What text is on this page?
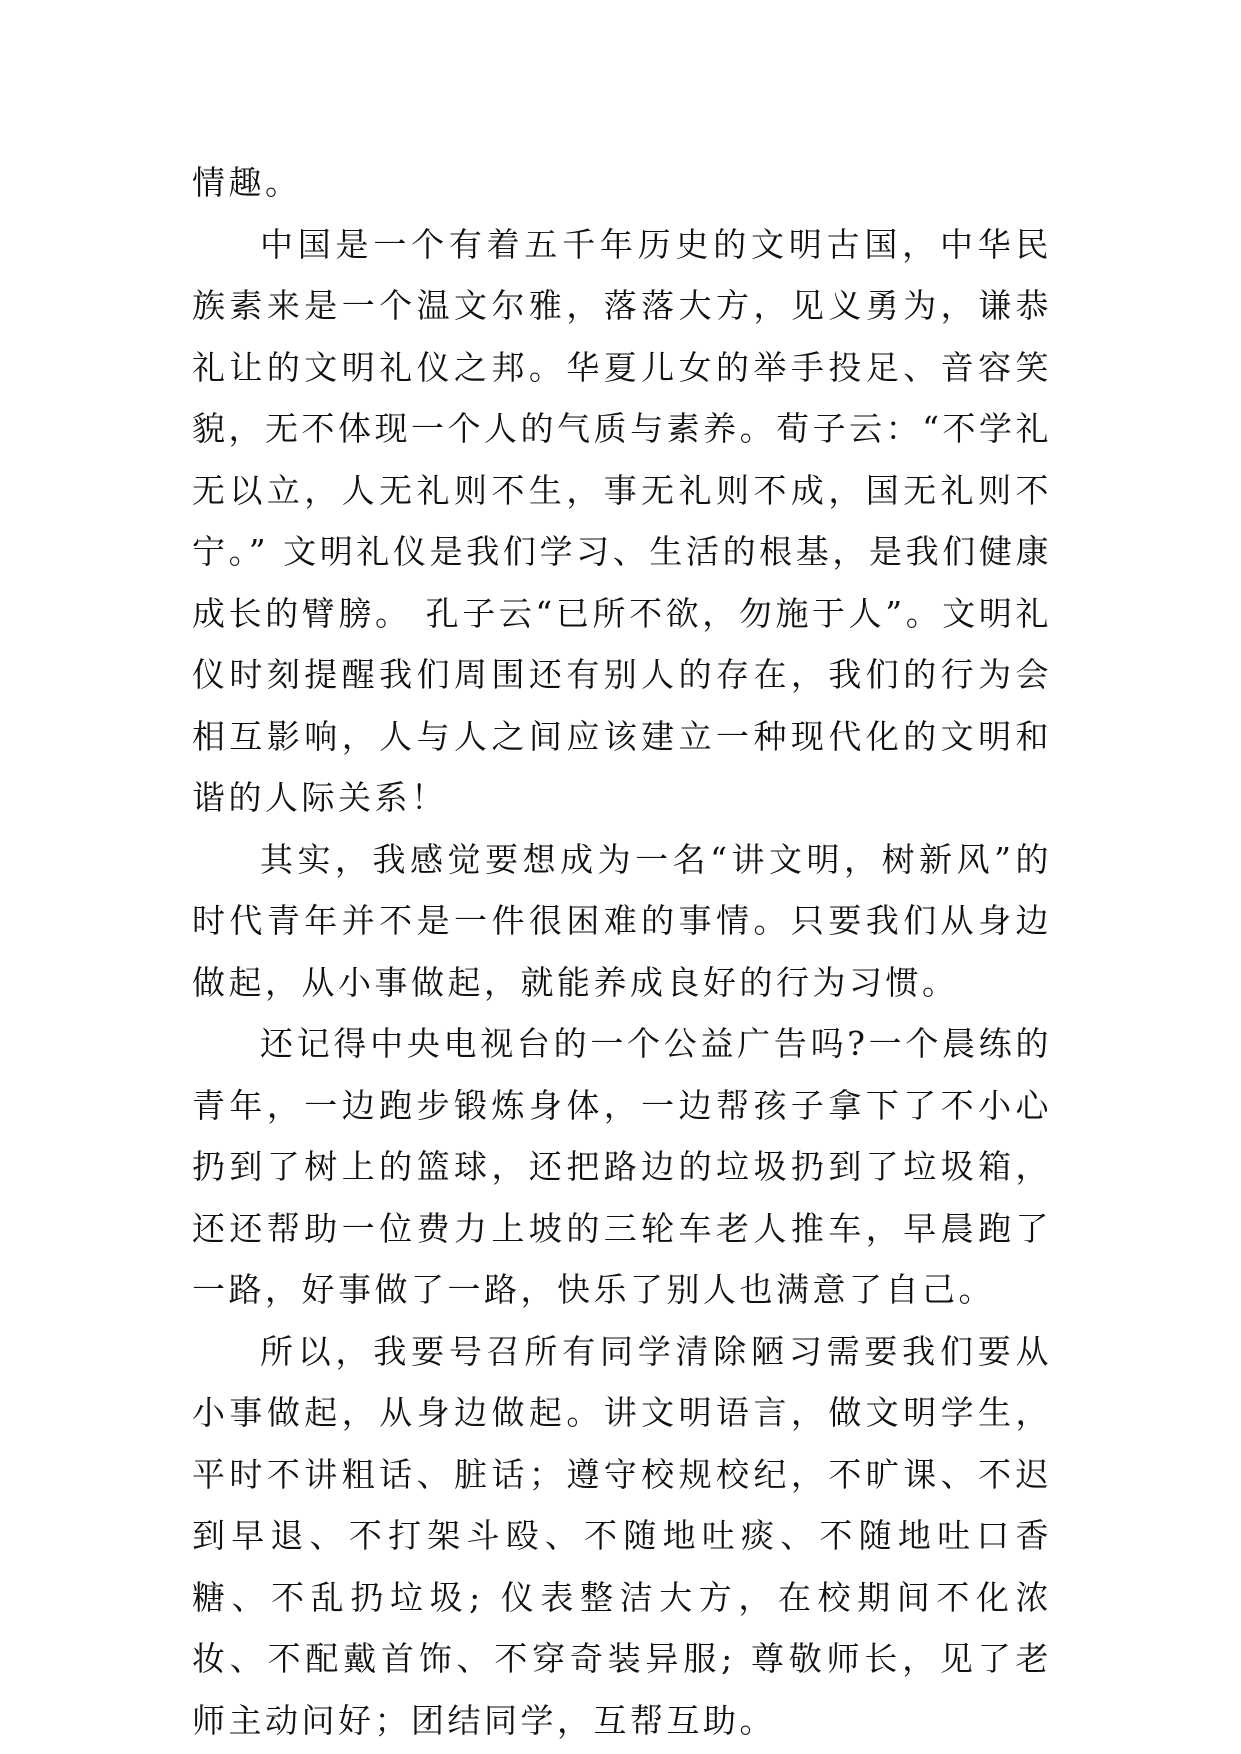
情趣。

中国是一个有着五千年历史的文明古国，中华民族素来是一个温文尔雅，落落大方，见义勇为，谦恭礼让的文明礼仪之邦。华夏儿女的举手投足、音容笑貌，无不体现一个人的气质与素养。荀子云：“不学礼无以立，人无礼则不生，事无礼则不成，国无礼则不宁。” 文明礼仪是我们学习、生活的根基，是我们健康成长的臂膀。 孔子云“已所不欲，勿施于人”。文明礼仪时刻提醒我们周围还有别人的存在，我们的行为会相互影响，人与人之间应该建立一种现代化的文明和谐的人际关系！

其实，我感觉要想成为一名“讲文明，树新风”的时代青年并不是一件很困难的事情。只要我们从身边做起，从小事做起，就能养成良好的行为习惯。

还记得中央电视台的一个公益广告吗?一个晨练的青年，一边跑步锻炼身体，一边帮孩子拿下了不小心扔到了树上的篮球，还把路边的垃圾扔到了垃圾箱，还还帮助一位费力上坡的三轮车老人推车，早晨跑了一路，好事做了一路，快乐了别人也满意了自己。

所以，我要号召所有同学清除陋习需要我们要从小事做起，从身边做起。讲文明语言，做文明学生，平时不讲粗话、脏话；遵守校规校纪，不旷课、不迟到早退、不打架斗殴、不随地吐痰、不随地吐口香糖、不乱扔垃圾; 仪表整洁大方，在校期间不化浓妆、不配戴首饰、不穿奇装异服; 尊敬师长，见了老师主动问好；团结同学，互帮互助。
